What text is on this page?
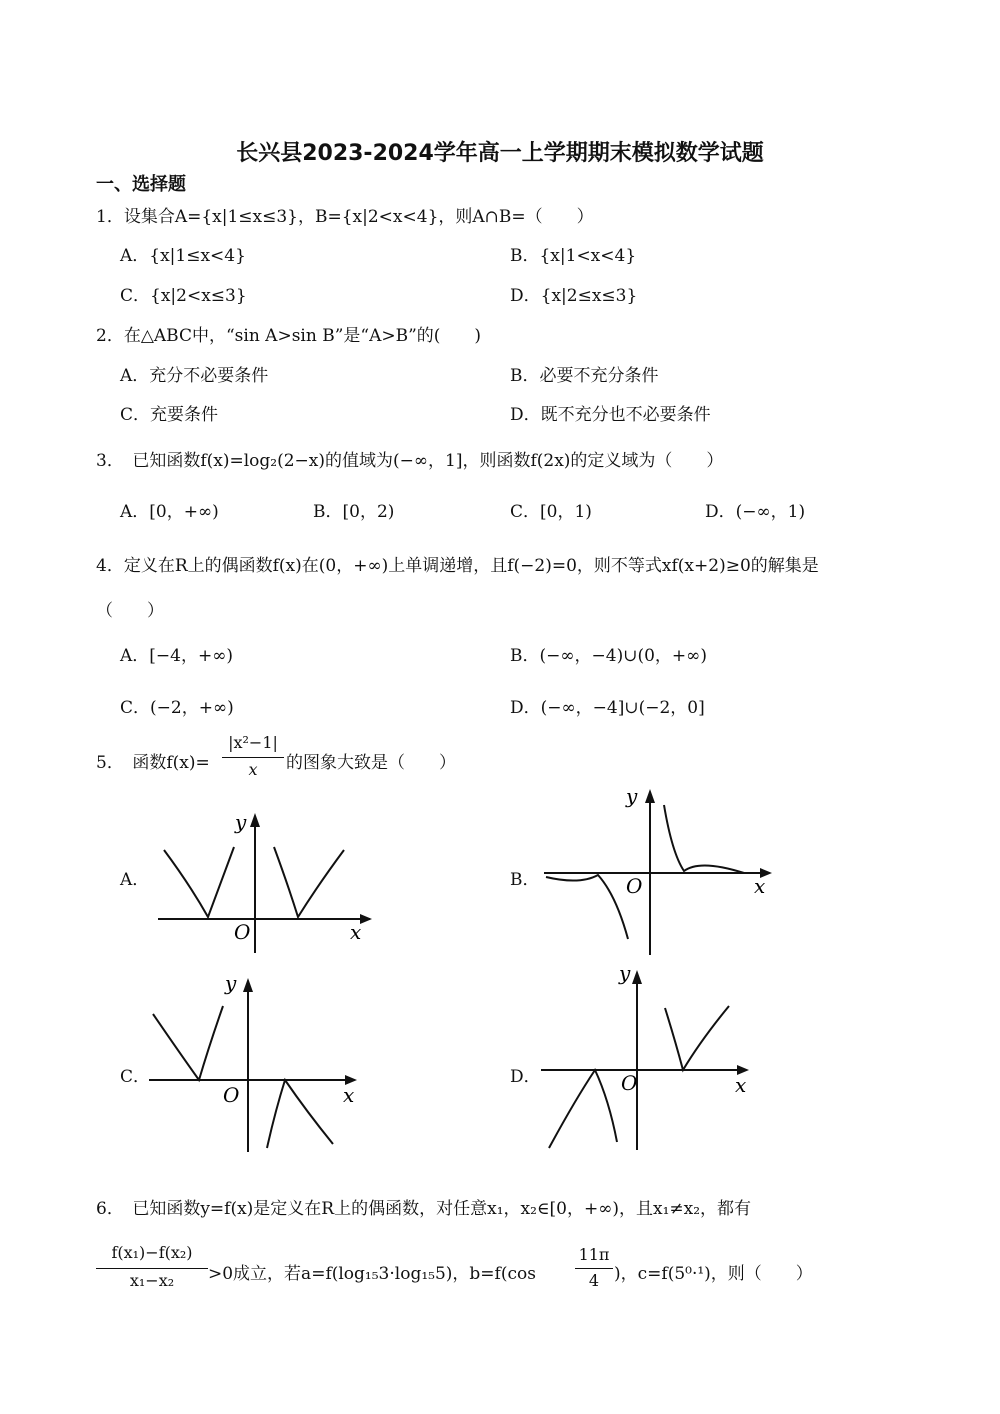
长兴县2023-2024学年高一上学期期末模拟数学试题
一、选择题
1．设集合A={x|1≤x≤3}，B={x|2<x<4}，则A∩B=（　　）
A．{x|1≤x<4}	B．{x|1<x<4}
C．{x|2<x≤3}	D．{x|2≤x≤3}
2．在△ABC中，“sin A>sin B”是“A>B”的(　　)
A．充分不必要条件	B．必要不充分条件
C．充要条件	D．既不充分也不必要条件
3．　已知函数f(x)=log₂(2−x)的值域为(−∞，1]，则函数f(2x)的定义域为（　　）
A．[0，+∞)	B．[0，2)	C．[0，1)	D．(−∞，1)
4．定义在R上的偶函数f(x)在(0，+∞)上单调递增，且f(−2)=0，则不等式xf(x+2)≥0的解集是
（　　）
A．[−4，+∞)	B．(−∞，−4)∪(0，+∞)
C．(−2，+∞)	D．(−∞，−4]∪(−2，0]
5．　函数f(x)=
|x²−1|
x	的图象大致是（　　）
A．	B．
C．	D．
O	x
y
O	x
y
O	x
y
O	x
y
6．　已知函数y=f(x)是定义在R上的偶函数，对任意x₁，x₂∈[0，+∞)，且x₁≠x₂，都有
f(x₁)−f(x₂)
x₁−x₂	>0成立，若a=f(log₁₅3·log₁₅5)，b=f(cos
11π
4 )，c=f(5⁰·¹)，则（　　）
